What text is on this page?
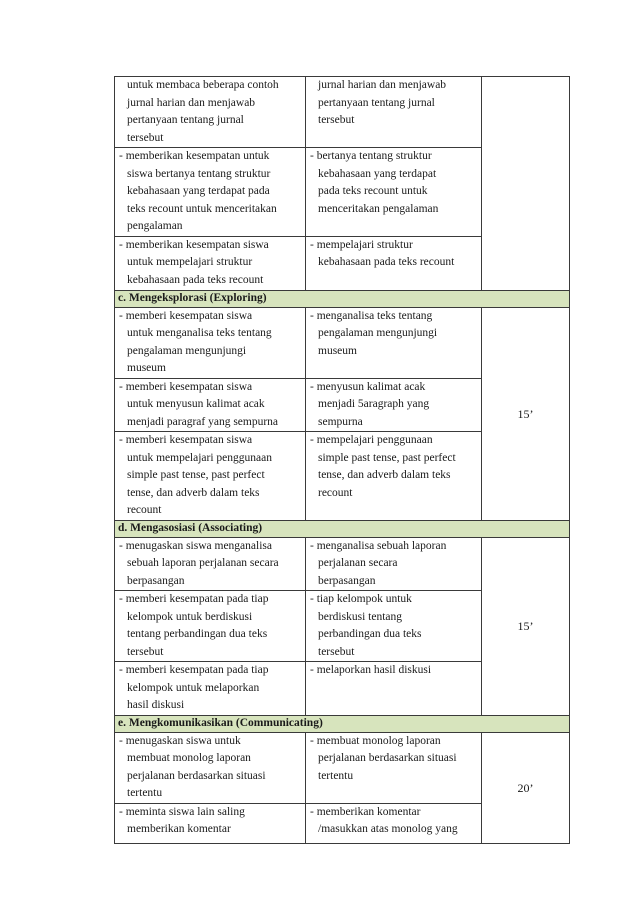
untuk membaca beberapa contoh
jurnal harian dan menjawab
pertanyaan tentang jurnal
tersebut	jurnal harian dan menjawab
pertanyaan tentang jurnal
tersebut	

- memberikan kesempatan untuk
siswa bertanya tentang struktur
kebahasaan yang terdapat pada
teks recount untuk menceritakan
pengalaman	- bertanya tentang struktur
kebahasaan yang terdapat
pada teks recount untuk
menceritakan pengalaman	

- memberikan kesempatan siswa
untuk mempelajari struktur
kebahasaan pada teks recount	- mempelajari struktur
kebahasaan pada teks recount	

c. Mengeksplorasi (Exploring)		

- memberi kesempatan siswa
untuk menganalisa teks tentang
pengalaman mengunjungi
museum	- menganalisa teks tentang
pengalaman mengunjungi
museum	15’

- memberi kesempatan siswa
untuk menyusun kalimat acak
menjadi paragraf yang sempurna	- menyusun kalimat acak
menjadi 5aragraph yang
sempurna	

- memberi kesempatan siswa
untuk mempelajari penggunaan
simple past tense, past perfect
tense, dan adverb dalam teks
recount	- mempelajari penggunaan
simple past tense, past perfect
tense, dan adverb dalam teks
recount	

d. Mengasosiasi (Associating)		

- menugaskan siswa menganalisa
sebuah laporan perjalanan secara
berpasangan	- menganalisa sebuah laporan
perjalanan secara
berpasangan	15’

- memberi kesempatan pada tiap
kelompok untuk berdiskusi
tentang perbandingan dua teks
tersebut	- tiap kelompok untuk
berdiskusi tentang
perbandingan dua teks
tersebut	

- memberi kesempatan pada tiap
kelompok untuk melaporkan
hasil diskusi	- melaporkan hasil diskusi	

e. Mengkomunikasikan (Communicating)		

- menugaskan siswa untuk
membuat monolog laporan
perjalanan berdasarkan situasi
tertentu	- membuat monolog laporan
perjalanan berdasarkan situasi
tertentu	20’

- meminta siswa lain saling
memberikan komentar	- memberikan komentar
/masukkan atas monolog yang	
